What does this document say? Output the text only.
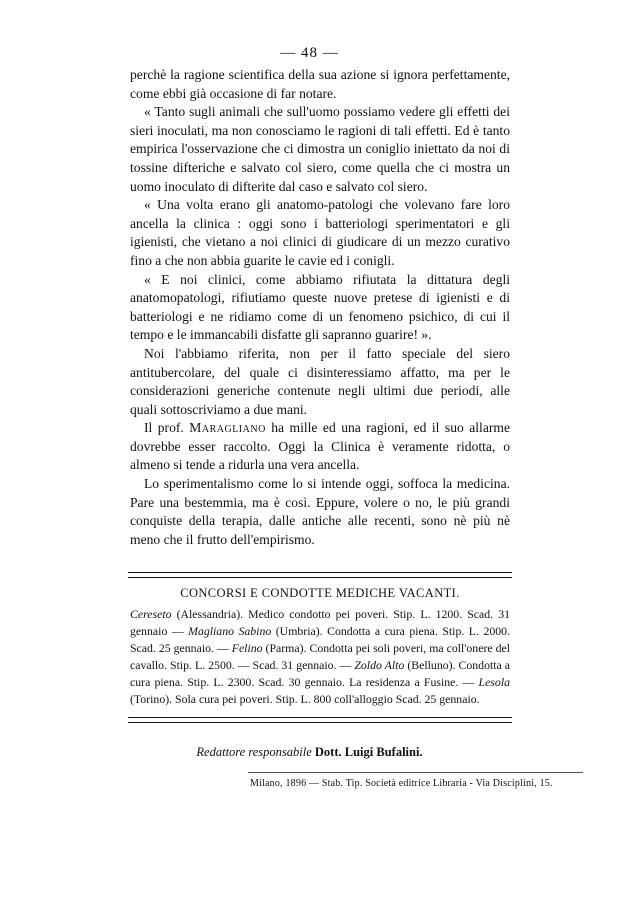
— 48 —

perchè la ragione scientifica della sua azione si ignora perfettamente, come ebbi già occasione di far notare.

« Tanto sugli animali che sull'uomo possiamo vedere gli effetti dei sieri inoculati, ma non conosciamo le ragioni di tali effetti. Ed è tanto empirica l'osservazione che ci dimostra un coniglio iniettato da noi di tossine difteriche e salvato col siero, come quella che ci mostra un uomo inoculato di difterite dal caso e salvato col siero.

« Una volta erano gli anatomo-patologi che volevano fare loro ancella la clinica : oggi sono i batteriologi sperimentatori e gli igienisti, che vietano a noi clinici di giudicare di un mezzo curativo fino a che non abbia guarite le cavie ed i conigli.

« E noi clinici, come abbiamo rifiutata la dittatura degli anatomopatologi, rifiutiamo queste nuove pretese di igienisti e di batteriologi e ne ridiamo come di un fenomeno psichico, di cui il tempo e le immancabili disfatte gli sapranno guarire! ».

Noi l'abbiamo riferita, non per il fatto speciale del siero antitubercolare, del quale ci disinteressiamo affatto, ma per le considerazioni generiche contenute negli ultimi due periodi, alle quali sottoscriviamo a due mani.

Il prof. Maragliano ha mille ed una ragioni, ed il suo allarme dovrebbe esser raccolto. Oggi la Clinica è veramente ridotta, o almeno si tende a ridurla una vera ancella.

Lo sperimentalismo come lo si intende oggi, soffoca la medicina. Pare una bestemmia, ma è così. Eppure, volere o no, le più grandi conquiste della terapia, dalle antiche alle recenti, sono nè più nè meno che il frutto dell'empirismo.

CONCORSI E CONDOTTE MEDICHE VACANTI.

Cereseto (Alessandria). Medico condotto pei poveri. Stip. L. 1200. Scad. 31 gennaio — Magliano Sabino (Umbria). Condotta a cura piena. Stip. L. 2000. Scad. 25 gennaio. — Felino (Parma). Condotta pei soli poveri, ma coll'onere del cavallo. Stip. L. 2500. — Scad. 31 gennaio. — Zoldo Alto (Belluno). Condotta a cura piena. Stip. L. 2300. Scad. 30 gennaio. La residenza a Fusine. — Lesola (Torino). Sola cura pei poveri. Stip. L. 800 coll'alloggio Scad. 25 gennaio.

Redattore responsabile Dott. Luigi Bufalini.
Milano, 1896 — Stab. Tip. Società editrice Libraria - Via Disciplini, 15.
